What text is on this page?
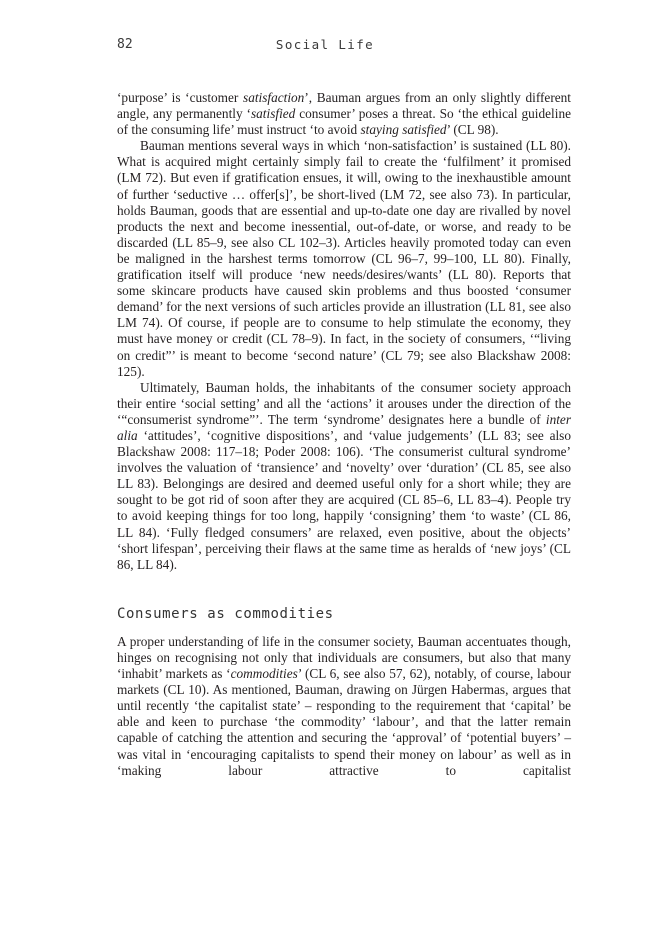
82	Social Life

‘purpose’ is ‘customer satisfaction’, Bauman argues from an only slightly different angle, any permanently ‘satisfied consumer’ poses a threat. So ‘the ethical guideline of the consuming life’ must instruct ‘to avoid staying satisfied’ (CL 98).

Bauman mentions several ways in which ‘non-satisfaction’ is sustained (LL 80). What is acquired might certainly simply fail to create the ‘fulfilment’ it promised (LM 72). But even if gratification ensues, it will, owing to the inexhaustible amount of further ‘seductive … offer[s]’, be short-lived (LM 72, see also 73). In particular, holds Bauman, goods that are essential and up-to-date one day are rivalled by novel products the next and become inessential, out-of-date, or worse, and ready to be discarded (LL 85–9, see also CL 102–3). Articles heavily promoted today can even be maligned in the harshest terms tomorrow (CL 96–7, 99–100, LL 80). Finally, gratification itself will produce ‘new needs/desires/wants’ (LL 80). Reports that some skincare products have caused skin problems and thus boosted ‘consumer demand’ for the next versions of such articles provide an illustration (LL 81, see also LM 74). Of course, if people are to consume to help stimulate the economy, they must have money or credit (CL 78–9). In fact, in the society of consumers, ‘“living on credit”’ is meant to become ‘second nature’ (CL 79; see also Blackshaw 2008: 125).

Ultimately, Bauman holds, the inhabitants of the consumer society approach their entire ‘social setting’ and all the ‘actions’ it arouses under the direction of the ‘“consumerist syndrome”’. The term ‘syndrome’ designates here a bundle of inter alia ‘attitudes’, ‘cognitive dispositions’, and ‘value judgements’ (LL 83; see also Blackshaw 2008: 117–18; Poder 2008: 106). ‘The consumerist cultural syndrome’ involves the valuation of ‘transience’ and ‘novelty’ over ‘duration’ (CL 85, see also LL 83). Belongings are desired and deemed useful only for a short while; they are sought to be got rid of soon after they are acquired (CL 85–6, LL 83–4). People try to avoid keeping things for too long, happily ‘consigning’ them ‘to waste’ (CL 86, LL 84). ‘Fully fledged consumers’ are relaxed, even positive, about the objects’ ‘short lifespan’, perceiving their flaws at the same time as heralds of ‘new joys’ (CL 86, LL 84).

Consumers as commodities

A proper understanding of life in the consumer society, Bauman accentuates though, hinges on recognising not only that individuals are consumers, but also that many ‘inhabit’ markets as ‘commodities’ (CL 6, see also 57, 62), notably, of course, labour markets (CL 10). As mentioned, Bauman, drawing on Jürgen Habermas, argues that until recently ‘the capitalist state’ – responding to the requirement that ‘capital’ be able and keen to purchase ‘the commodity’ ‘labour’, and that the latter remain capable of catching the attention and securing the ‘approval’ of ‘potential buyers’ – was vital in ‘encouraging capitalists to spend their money on labour’ as well as in ‘making labour attractive to capitalist
